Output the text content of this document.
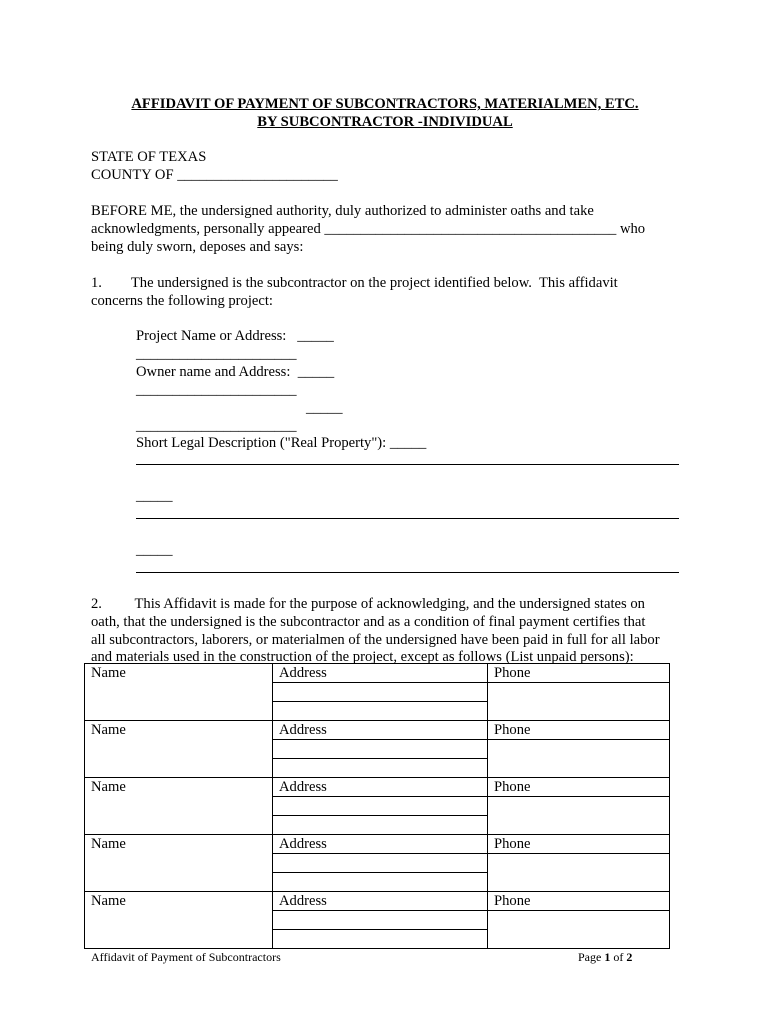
AFFIDAVIT OF PAYMENT OF SUBCONTRACTORS, MATERIALMEN, ETC.
BY SUBCONTRACTOR -INDIVIDUAL
STATE OF TEXAS
COUNTY OF ______________________
BEFORE ME, the undersigned authority, duly authorized to administer oaths and take
acknowledgments, personally appeared ________________________________________ who
being duly sworn, deposes and says:
1.        The undersigned is the subcontractor on the project identified below.  This affidavit
concerns the following project:
Project Name or Address:   _____
______________________
Owner name and Address:  _____
______________________
_____
______________________
Short Legal Description ("Real Property"): _____
_____
_____
2.         This Affidavit is made for the purpose of acknowledging, and the undersigned states on
oath, that the undersigned is the subcontractor and as a condition of final payment certifies that
all subcontractors, laborers, or materialmen of the undersigned have been paid in full for all labor
and materials used in the construction of the project, except as follows (List unpaid persons):
Name	Address	Phone

Name	Address	Phone

Name	Address	Phone

Name	Address	Phone

Name	Address	Phone

Affidavit of Payment of Subcontractors	Page 1 of 2
